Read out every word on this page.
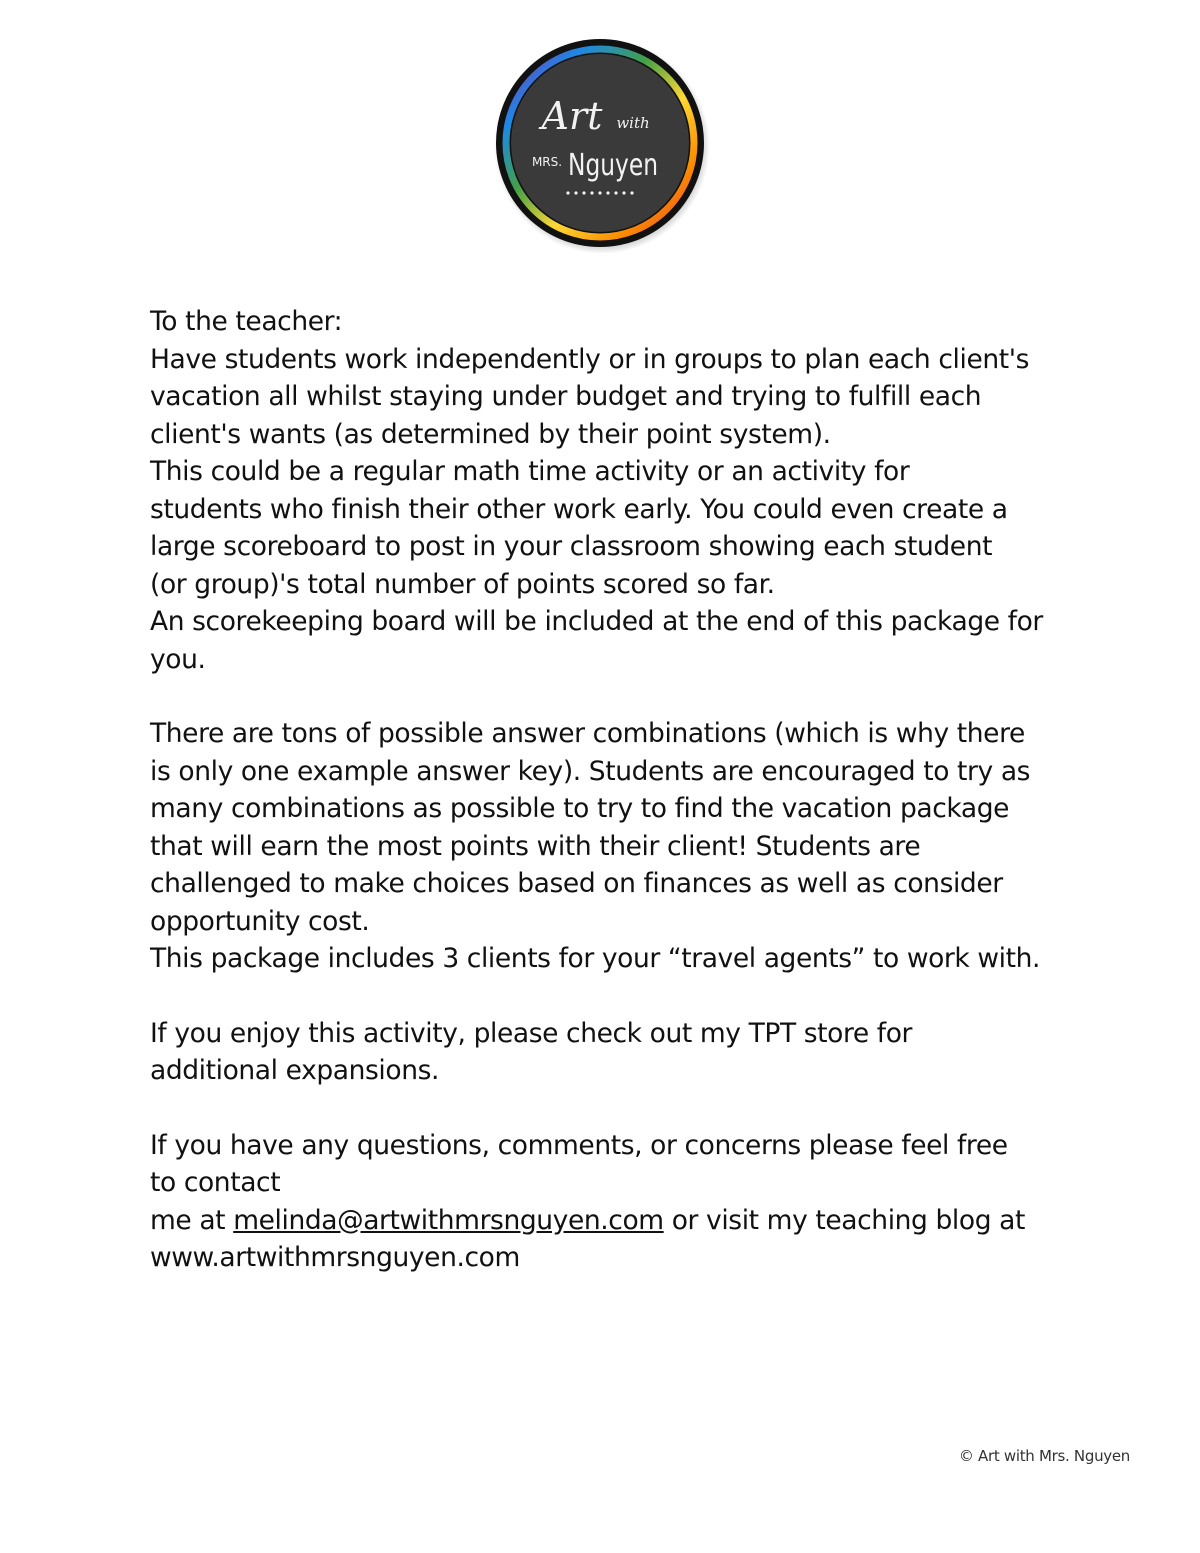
Art with
MRS. Nguyen

To the teacher:

Have students work independently or in groups to plan each client's

vacation all whilst staying under budget and trying to fulfill each

client's wants (as determined by their point system).

This could be a regular math time activity or an activity for

students who finish their other work early. You could even create a

large scoreboard to post in your classroom showing each student

(or group)'s total number of points scored so far.

An scorekeeping board will be included at the end of this package for

you.

There are tons of possible answer combinations (which is why there

is only one example answer key). Students are encouraged to try as

many combinations as possible to try to find the vacation package

that will earn the most points with their client! Students are

challenged to make choices based on finances as well as consider

opportunity cost.

This package includes 3 clients for your “travel agents” to work with.

If you enjoy this activity, please check out my TPT store for

additional expansions.

If you have any questions, comments, or concerns please feel free

to contact

me at melinda@artwithmrsnguyen.com or visit my teaching blog at

www.artwithmrsnguyen.com

© Art with Mrs. Nguyen
